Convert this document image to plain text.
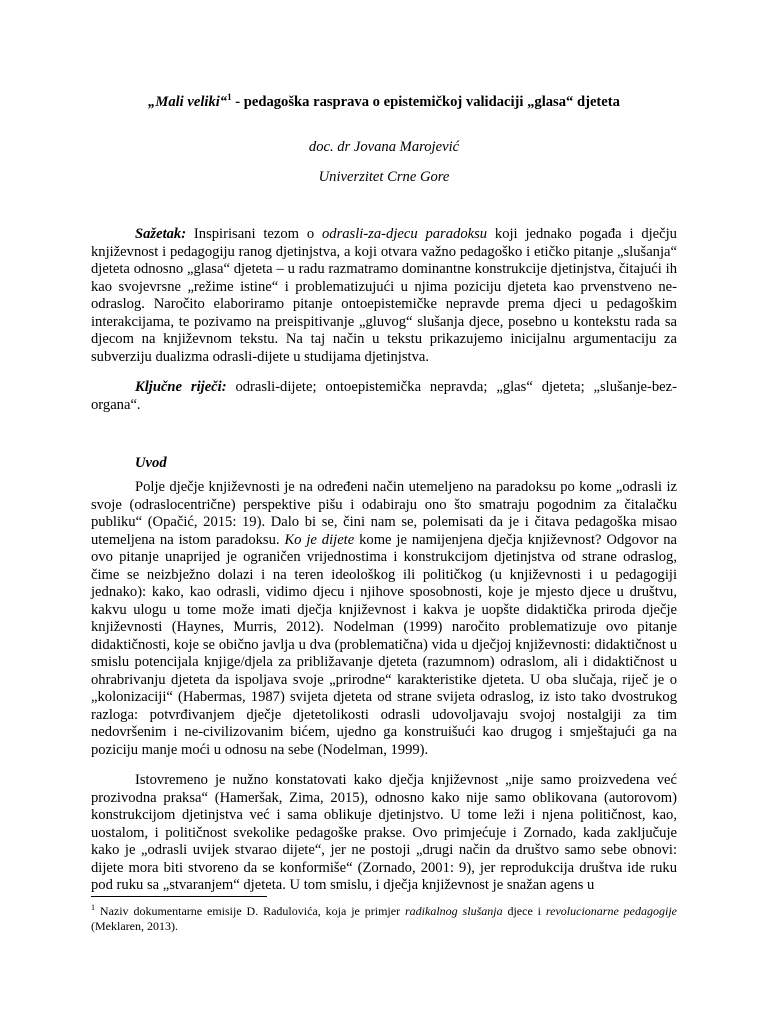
„Mali veliki“$^1$ - pedagoška rasprava o epistemičkoj validaciji „glasa“ djeteta
doc. dr Jovana Marojević
Univerzitet Crne Gore

Sažetak: Inspirisani tezom o odrasli-za-djecu paradoksu koji jednako pogađa i dječju književnost i pedagogiju ranog djetinjstva, a koji otvara važno pedagoško i etičko pitanje „slušanja“ djeteta odnosno „glasa“ djeteta – u radu razmatramo dominantne konstrukcije djetinjstva, čitajući ih kao svojevrsne „režime istine“ i problematizujući u njima poziciju djeteta kao prvenstveno ne-odraslog. Naročito elaboriramo pitanje ontoepistemičke nepravde prema djeci u pedagoškim interakcijama, te pozivamo na preispitivanje „gluvog“ slušanja djece, posebno u kontekstu rada sa djecom na književnom tekstu. Na taj način u tekstu prikazujemo inicijalnu argumentaciju za subverziju dualizma odrasli-dijete u studijama djetinjstva.

Ključne riječi: odrasli-dijete; ontoepistemička nepravda; „glas“ djeteta; „slušanje-bez-organa“.

Uvod

Polje dječje književnosti je na određeni način utemeljeno na paradoksu po kome „odrasli iz svoje (odraslocentrične) perspektive pišu i odabiraju ono što smatraju pogodnim za čitalačku publiku“ (Opačić, 2015: 19). Dalo bi se, čini nam se, polemisati da je i čitava pedagoška misao utemeljena na istom paradoksu. Ko je dijete kome je namijenjena dječja književnost? Odgovor na ovo pitanje unaprijed je ograničen vrijednostima i konstrukcijom djetinjstva od strane odraslog, čime se neizbježno dolazi i na teren ideološkog ili političkog (u književnosti i u pedagogiji jednako): kako, kao odrasli, vidimo djecu i njihove sposobnosti, koje je mjesto djece u društvu, kakvu ulogu u tome može imati dječja književnost i kakva je uopšte didaktička priroda dječje književnosti (Haynes, Murris, 2012). Nodelman (1999) naročito problematizuje ovo pitanje didaktičnosti, koje se obično javlja u dva (problematična) vida u dječjoj književnosti: didaktičnost u smislu potencijala knjige/djela za približavanje djeteta (razumnom) odraslom, ali i didaktičnost u ohrabrivanju djeteta da ispoljava svoje „prirodne“ karakteristike djeteta. U oba slučaja, riječ je o „kolonizaciji“ (Habermas, 1987) svijeta djeteta od strane svijeta odraslog, iz isto tako dvostrukog razloga: potvrđivanjem dječje djetetolikosti odrasli udovoljavaju svojoj nostalgiji za tim nedovršenim i ne-civilizovanim bićem, ujedno ga konstruišući kao drugog i smještajući ga na poziciju manje moći u odnosu na sebe (Nodelman, 1999).

Istovremeno je nužno konstatovati kako dječja književnost „nije samo proizvedena već prozivodna praksa“ (Hameršak, Zima, 2015), odnosno kako nije samo oblikovana (autorovom) konstrukcijom djetinjstva već i sama oblikuje djetinjstvo. U tome leži i njena političnost, kao, uostalom, i političnost svekolike pedagoške prakse. Ovo primjećuje i Zornado, kada zaključuje kako je „odrasli uvijek stvarao dijete“, jer ne postoji „drugi način da društvo samo sebe obnovi: dijete mora biti stvoreno da se konformiše“ (Zornado, 2001: 9), jer reprodukcija društva ide ruku pod ruku sa „stvaranjem“ djeteta. U tom smislu, i dječja književnost je snažan agens u

$^1$ Naziv dokumentarne emisije D. Radulovića, koja je primjer radikalnog slušanja djece i revolucionarne pedagogije (Meklaren, 2013).
